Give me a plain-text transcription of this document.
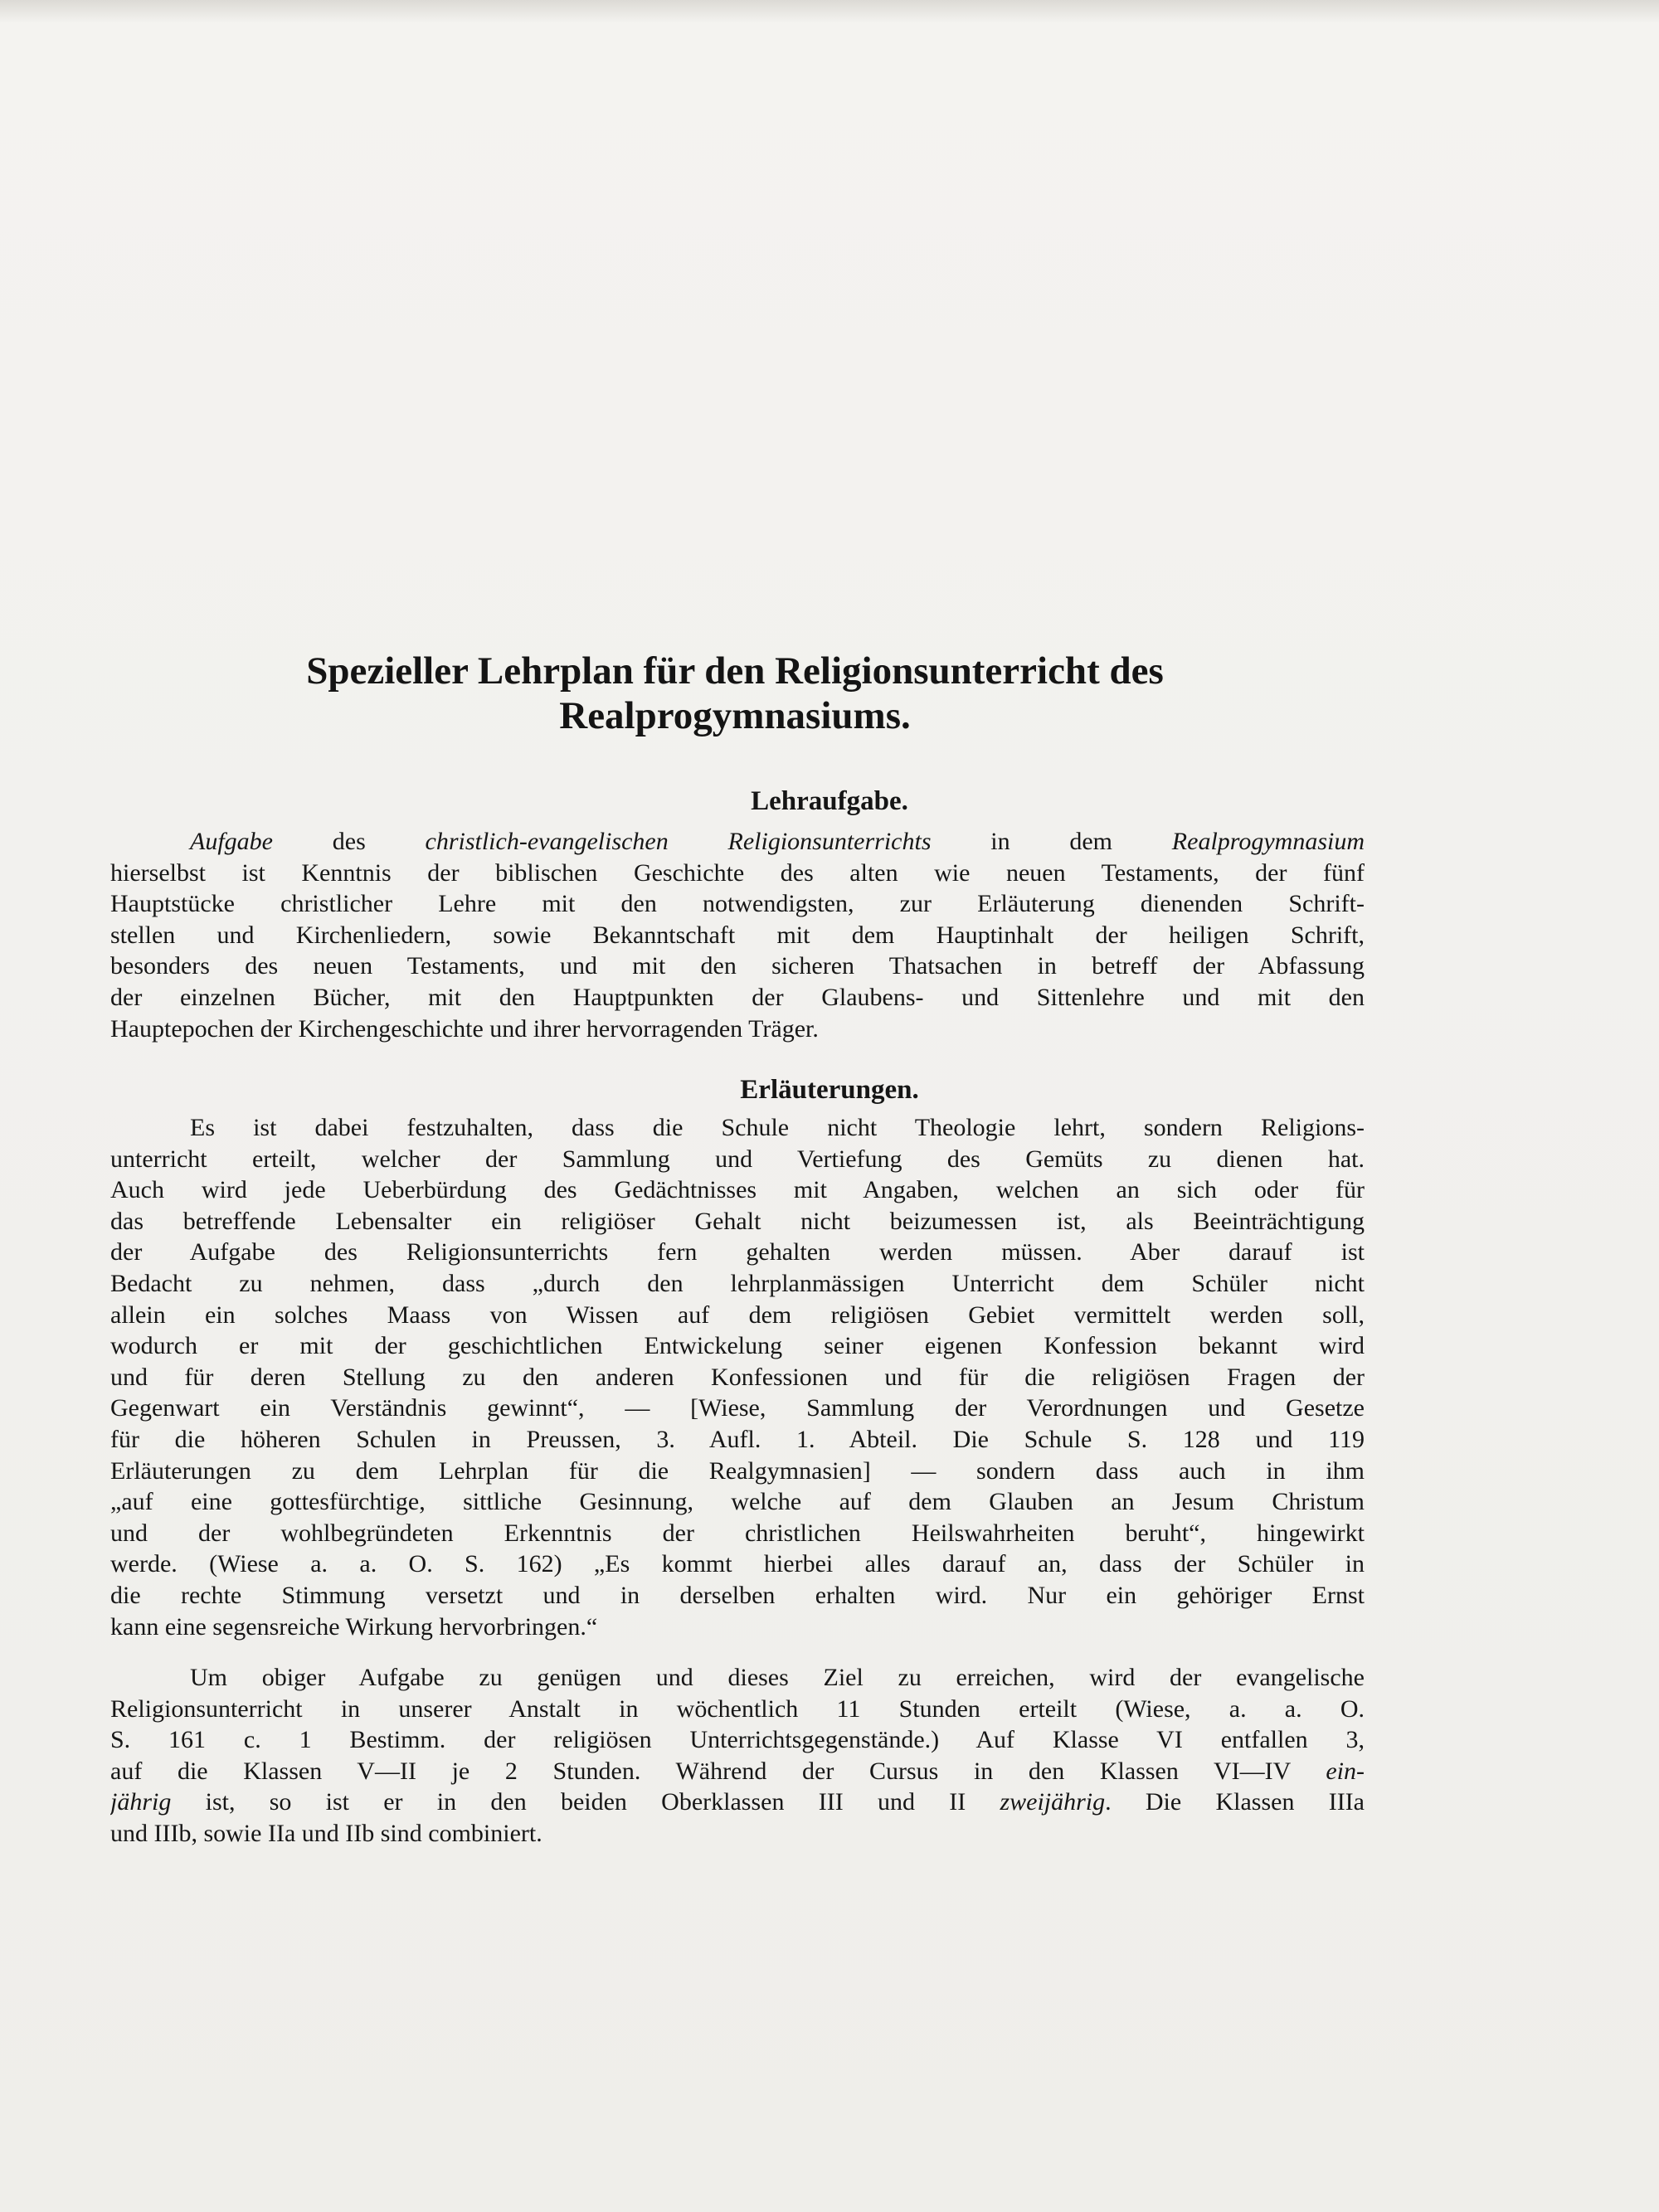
Spezieller Lehrplan für den Religionsunterricht des
Realprogymnasiums.
Lehraufgabe.
Aufgabe des christlich-evangelischen Religionsunterrichts in dem Realprogymnasium
hierselbst ist Kenntnis der biblischen Geschichte des alten wie neuen Testaments, der fünf
Hauptstücke christlicher Lehre mit den notwendigsten, zur Erläuterung dienenden Schrift-
stellen und Kirchenliedern, sowie Bekanntschaft mit dem Hauptinhalt der heiligen Schrift,
besonders des neuen Testaments, und mit den sicheren Thatsachen in betreff der Abfassung
der einzelnen Bücher, mit den Hauptpunkten der Glaubens- und Sittenlehre und mit den
Hauptepochen der Kirchengeschichte und ihrer hervorragenden Träger.
Erläuterungen.
Es ist dabei festzuhalten, dass die Schule nicht Theologie lehrt, sondern Religions-
unterricht erteilt, welcher der Sammlung und Vertiefung des Gemüts zu dienen hat.
Auch wird jede Ueberbürdung des Gedächtnisses mit Angaben, welchen an sich oder für
das betreffende Lebensalter ein religiöser Gehalt nicht beizumessen ist, als Beeinträchtigung
der Aufgabe des Religionsunterrichts fern gehalten werden müssen. Aber darauf ist
Bedacht zu nehmen, dass „durch den lehrplanmässigen Unterricht dem Schüler nicht
allein ein solches Maass von Wissen auf dem religiösen Gebiet vermittelt werden soll,
wodurch er mit der geschichtlichen Entwickelung seiner eigenen Konfession bekannt wird
und für deren Stellung zu den anderen Konfessionen und für die religiösen Fragen der
Gegenwart ein Verständnis gewinnt“, — [Wiese, Sammlung der Verordnungen und Gesetze
für die höheren Schulen in Preussen, 3. Aufl. 1. Abteil. Die Schule S. 128 und 119
Erläuterungen zu dem Lehrplan für die Realgymnasien] — sondern dass auch in ihm
„auf eine gottesfürchtige, sittliche Gesinnung, welche auf dem Glauben an Jesum Christum
und der wohlbegründeten Erkenntnis der christlichen Heilswahrheiten beruht“, hingewirkt
werde. (Wiese a. a. O. S. 162) „Es kommt hierbei alles darauf an, dass der Schüler in
die rechte Stimmung versetzt und in derselben erhalten wird. Nur ein gehöriger Ernst
kann eine segensreiche Wirkung hervorbringen.“
Um obiger Aufgabe zu genügen und dieses Ziel zu erreichen, wird der evangelische
Religionsunterricht in unserer Anstalt in wöchentlich 11 Stunden erteilt (Wiese, a. a. O.
S. 161 c. 1 Bestimm. der religiösen Unterrichtsgegenstände.) Auf Klasse VI entfallen 3,
auf die Klassen V—II je 2 Stunden. Während der Cursus in den Klassen VI—IV ein-
jährig ist, so ist er in den beiden Oberklassen III und II zweijährig. Die Klassen IIIa
und IIIb, sowie IIa und IIb sind combiniert.
